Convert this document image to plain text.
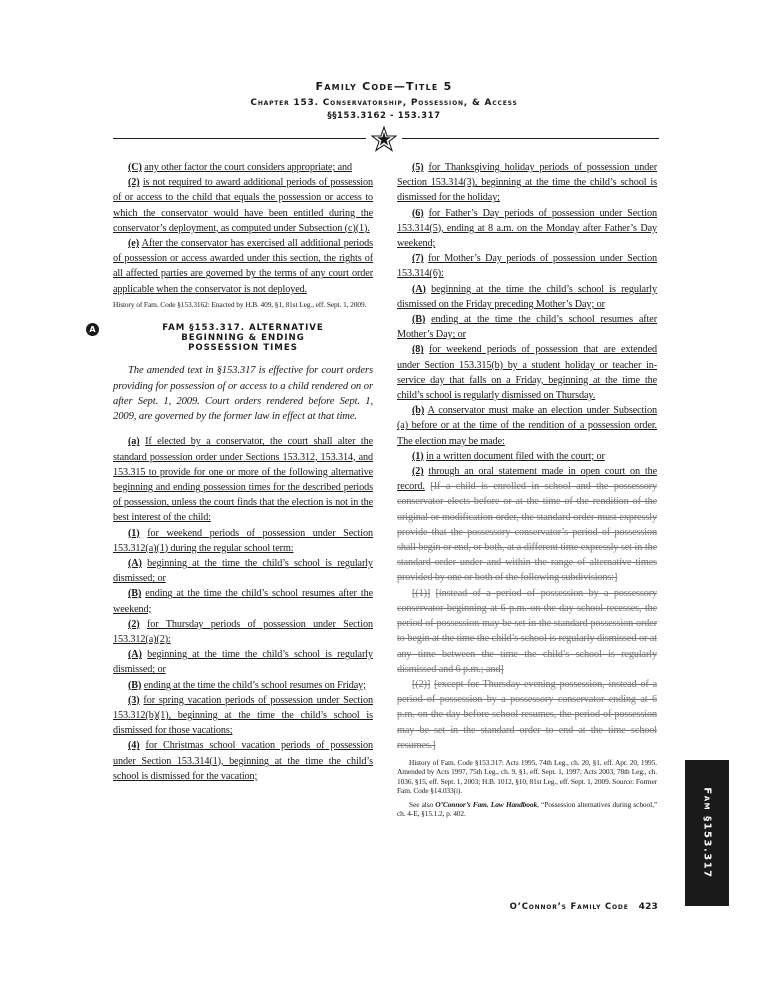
Family Code—Title 5
Chapter 153. Conservatorship, Possession, & Access
§§153.3162 - 153.317

(C) any other factor the court considers appropriate; and

(2) is not required to award additional periods of possession of or access to the child that equals the possession or access to which the conservator would have been entitled during the conservator’s deployment, as computed under Subsection (c)(1).

(e) After the conservator has exercised all additional periods of possession or access awarded under this section, the rights of all affected parties are governed by the terms of any court order applicable when the conservator is not deployed.

History of Fam. Code §153.3162: Enacted by H.B. 409, §1, 81st Leg., eff. Sept. 1, 2009.

A	FAM §153.317. ALTERNATIVE
BEGINNING & ENDING
POSSESSION TIMES

The amended text in §153.317 is effective for court orders providing for possession of or access to a child rendered on or after Sept. 1, 2009. Court orders rendered before Sept. 1, 2009, are governed by the former law in effect at that time.

(a) If elected by a conservator, the court shall alter the standard possession order under Sections 153.312, 153.314, and 153.315 to provide for one or more of the following alternative beginning and ending possession times for the described periods of possession, unless the court finds that the election is not in the best interest of the child:

(1) for weekend periods of possession under Section 153.312(a)(1) during the regular school term:

(A) beginning at the time the child’s school is regularly dismissed; or

(B) ending at the time the child’s school resumes after the weekend;

(2) for Thursday periods of possession under Section 153.312(a)(2):

(A) beginning at the time the child’s school is regularly dismissed; or

(B) ending at the time the child’s school resumes on Friday;

(3) for spring vacation periods of possession under Section 153.312(b)(1), beginning at the time the child’s school is dismissed for those vacations;

(4) for Christmas school vacation periods of possession under Section 153.314(1), beginning at the time the child’s school is dismissed for the vacation;

(5) for Thanksgiving holiday periods of possession under Section 153.314(3), beginning at the time the child’s school is dismissed for the holiday;

(6) for Father’s Day periods of possession under Section 153.314(5), ending at 8 a.m. on the Monday after Father’s Day weekend;

(7) for Mother’s Day periods of possession under Section 153.314(6):

(A) beginning at the time the child’s school is regularly dismissed on the Friday preceding Mother’s Day; or

(B) ending at the time the child’s school resumes after Mother’s Day; or

(8) for weekend periods of possession that are extended under Section 153.315(b) by a student holiday or teacher in-service day that falls on a Friday, beginning at the time the child’s school is regularly dismissed on Thursday.

(b) A conservator must make an election under Subsection (a) before or at the time of the rendition of a possession order. The election may be made:

(1) in a written document filed with the court; or

(2) through an oral statement made in open court on the record. [If a child is enrolled in school and the possessory conservator elects before or at the time of the rendition of the original or modification order, the standard order must expressly provide that the possessory conservator’s period of possession shall begin or end, or both, at a different time expressly set in the standard order under and within the range of alternative times provided by one or both of the following subdivisions:]

[(1)] [instead of a period of possession by a possessory conservator beginning at 6 p.m. on the day school recesses, the period of possession may be set in the standard possession order to begin at the time the child’s school is regularly dismissed or at any time between the time the child’s school is regularly dismissed and 6 p.m.; and]

[(2)] [except for Thursday evening possession, instead of a period of possession by a possessory conservator ending at 6 p.m. on the day before school resumes, the period of possession may be set in the standard order to end at the time school resumes.]

History of Fam. Code §153.317: Acts 1995, 74th Leg., ch. 20, §1, eff. Apr. 20, 1995. Amended by Acts 1997, 75th Leg., ch. 9, §1, eff. Sept. 1, 1997; Acts 2003, 78th Leg., ch. 1036, §15, eff. Sept. 1, 2003; H.B. 1012, §10, 81st Leg., eff. Sept. 1, 2009. Source: Former Fam. Code §14.033(i).

See also O’Connor’s Fam. Law Handbook, “Possession alternatives during school,” ch. 4-E, §15.1.2, p. 402.	Fam §153.317
O’Connor’s Family Code 423
